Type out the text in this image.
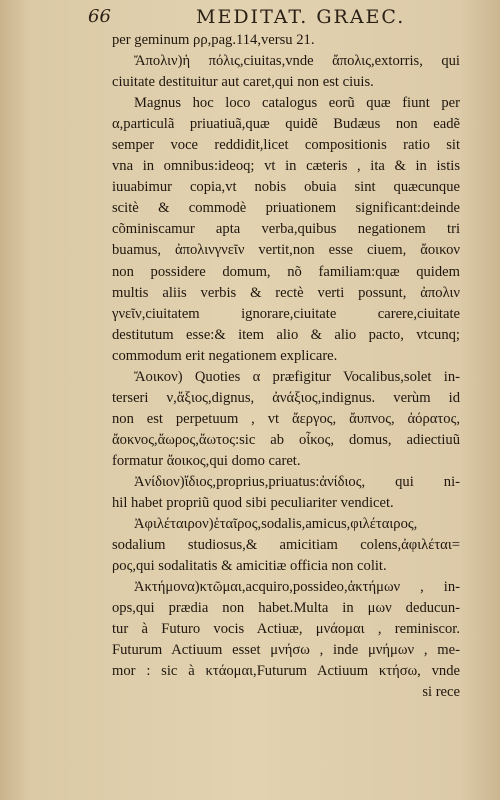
66	MEDITAT. GRAEC.
per geminum ρρ,pag.114,versu 21.
Ἄπολιν)ἡ πόλις,ciuitas,vnde ἄπολις,extorris, qui
ciuitate destituitur aut caret,qui non est ciuis.
Magnus hoc loco catalogus eorũ quæ fiunt per
α,particulã priuatiuã,quæ quidẽ Budæus non eadẽ
semper voce reddidit,licet compositionis ratio sit
vna in omnibus:ideoq; vt in cæteris , ita & in istis
iuuabimur copia,vt nobis obuia sint quæcunque
scitè & commodè priuationem significant:deinde
cõminiscamur apta verba,quibus negationem tri
buamus, ἀπολινγνεῖν vertit,non esse ciuem, ἄοικον
non possidere domum, nõ familiam:quæ quidem
multis aliis verbis & rectè verti possunt, ἀπολιν
γνεῖν,ciuitatem ignorare,ciuitate carere,ciuitate
destitutum esse:& item alio & alio pacto, vtcunq;
commodum erit negationem explicare.
Ἄοικον) Quoties α præfigitur Vocalibus,solet in-
terseri ν,ἄξιος,dignus, ἀνάξιος,indignus. verùm id
non est perpetuum , vt ἄεργος, ἄυπνος, ἀόρατος,
ἄοκνος,ἄωρος,ἄωτος:sic ab οἶκος, domus, adiectiuũ
formatur ἄοικος,qui domo caret.
Ἀνίδιον)ἴδιος,proprius,priuatus:ἀνίδιος, qui ni-
hil habet propriũ quod sibi peculiariter vendicet.
Ἀφιλέταιρον)ἑταῖρος,sodalis,amicus,φιλέταιρος,
sodalium studiosus,& amicitiam colens,ἀφιλέται=
ρος,qui sodalitatis & amicitiæ officia non colit.
Ἀκτήμονα)κτῶμαι,acquiro,possideo,ἀκτήμων , in-
ops,qui prædia non habet.Multa in μων deducun-
tur à Futuro vocis Actiuæ, μνάομαι , reminiscor.
Futurum Actiuum esset μνήσω , inde μνήμων , me-
mor : sic à κτάομαι,Futurum Actiuum κτήσω, vnde
si rece
